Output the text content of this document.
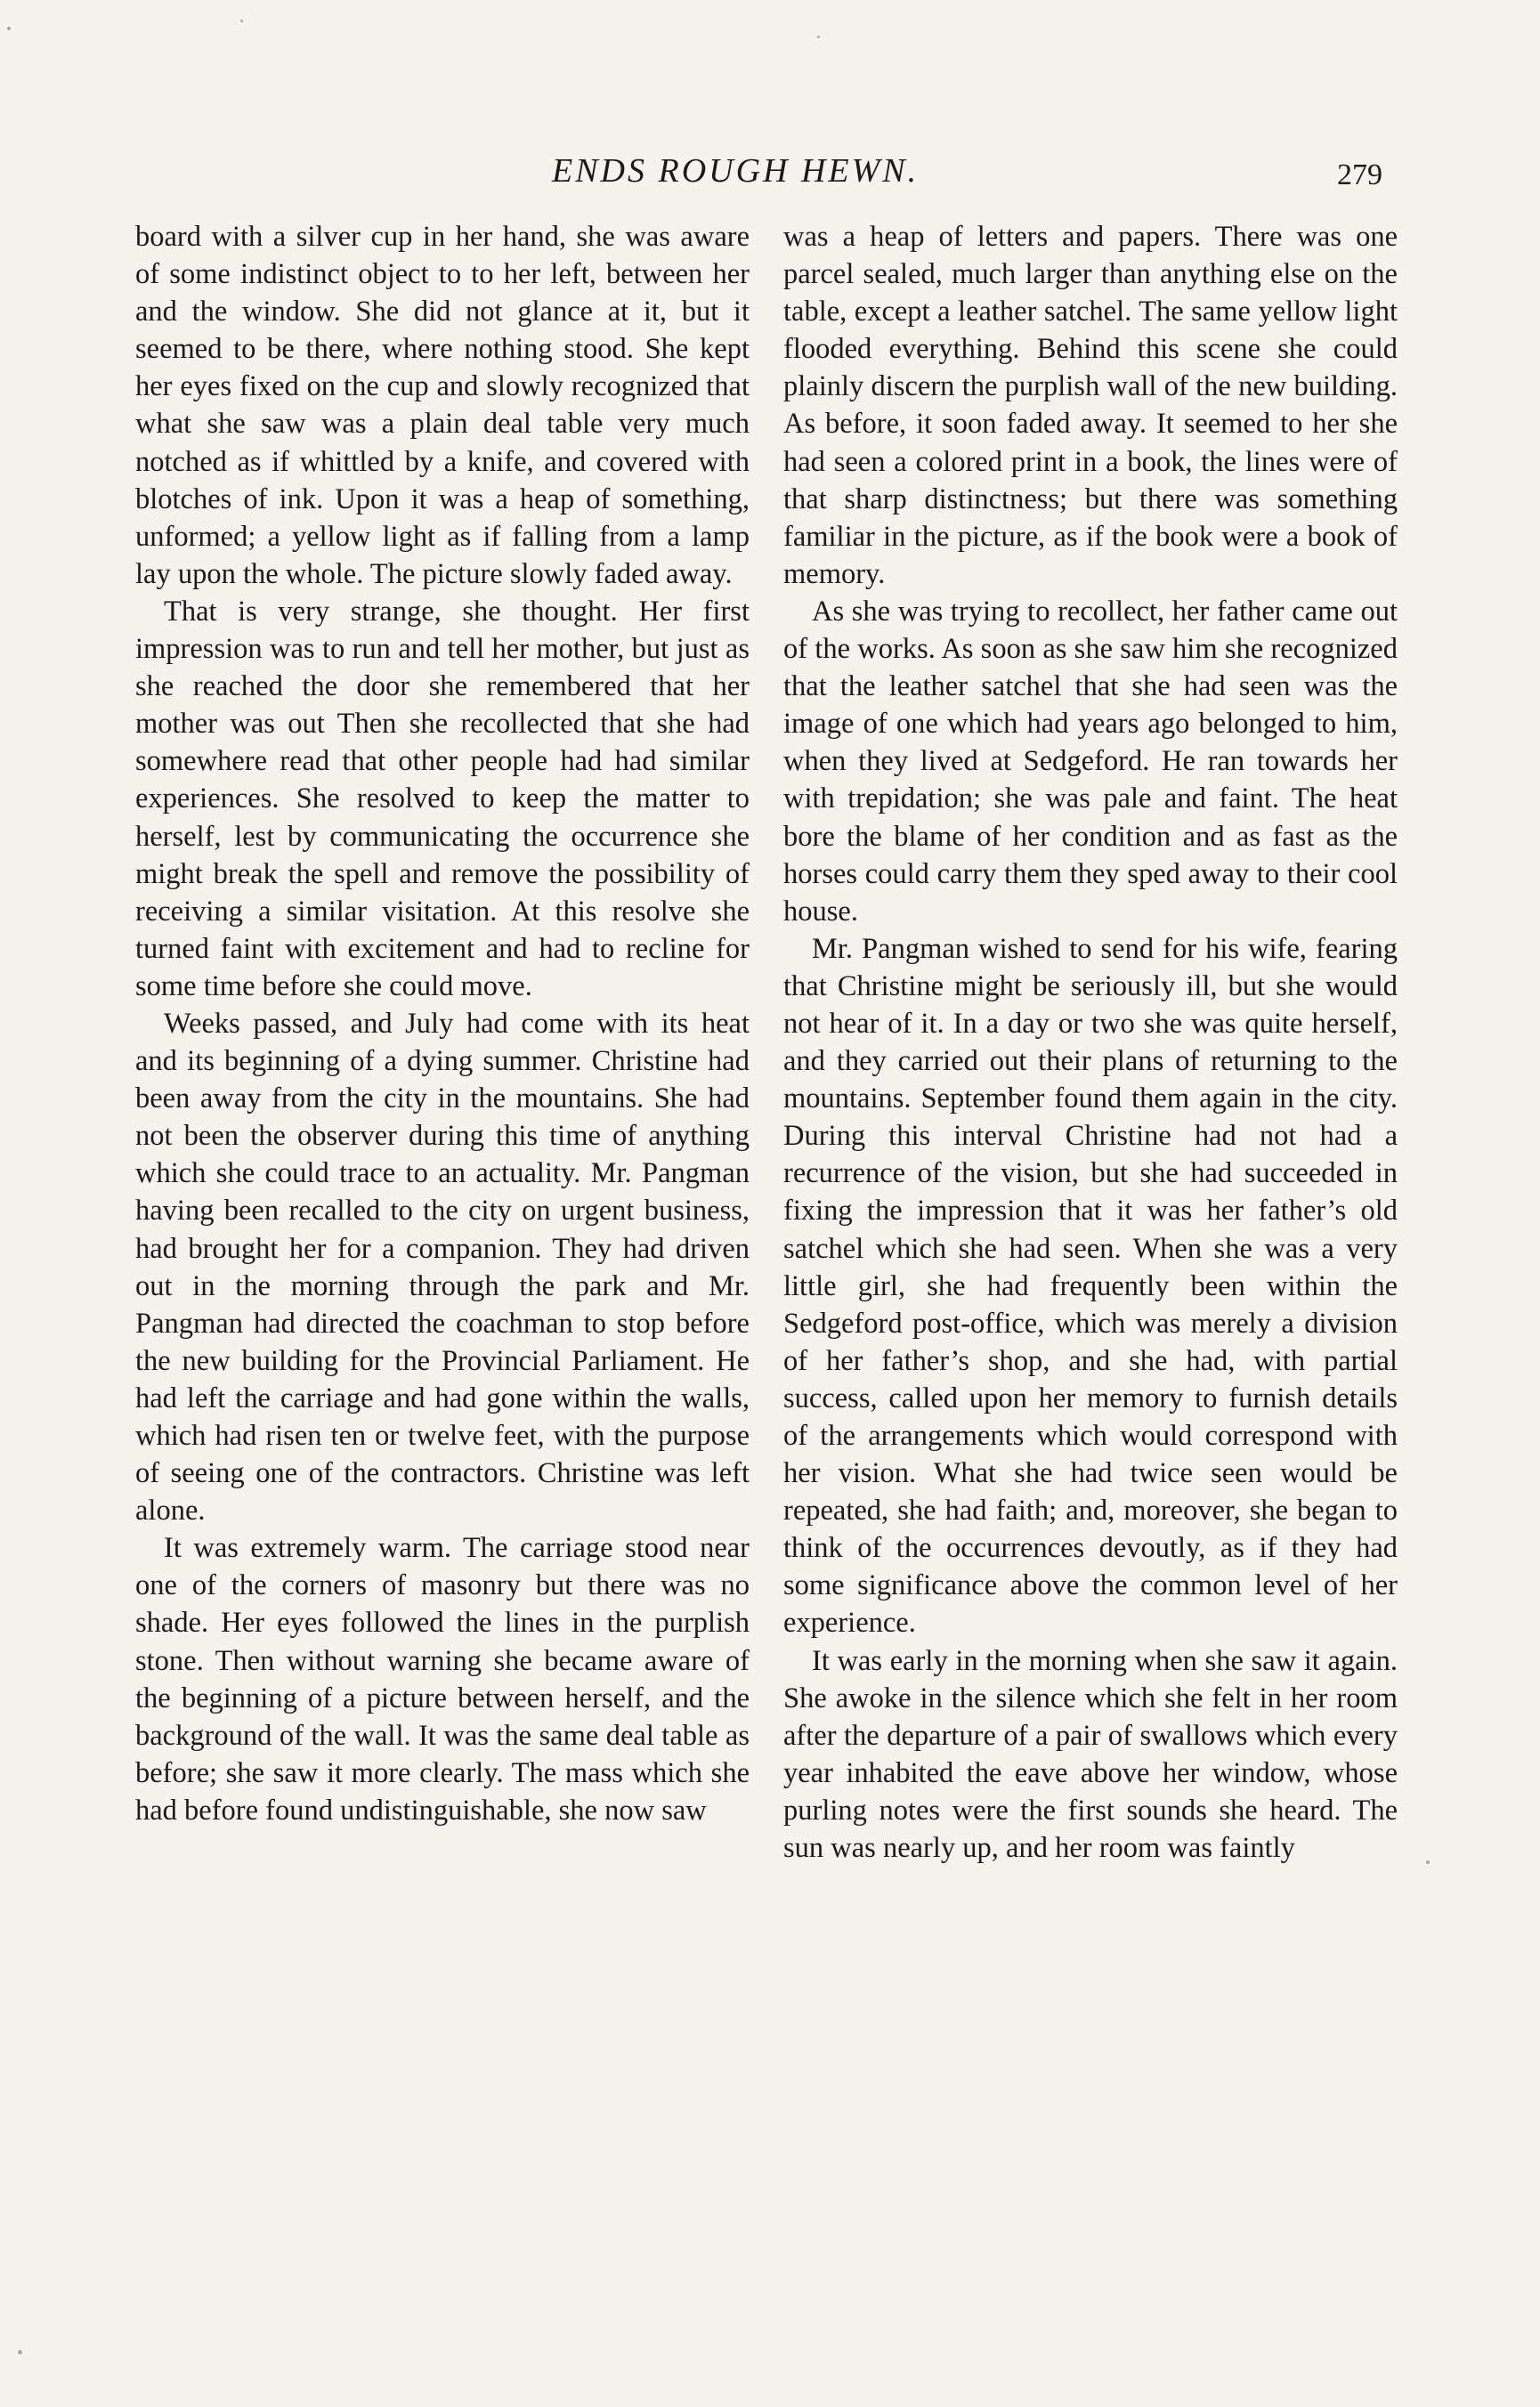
ENDS ROUGH HEWN.	279

board with a silver cup in her hand, she was aware of some indistinct object to to her left, between her and the window. She did not glance at it, but it seemed to be there, where nothing stood. She kept her eyes fixed on the cup and slowly recognized that what she saw was a plain deal table very much notched as if whittled by a knife, and covered with blotches of ink. Upon it was a heap of something, unformed; a yellow light as if falling from a lamp lay upon the whole. The picture slowly faded away.

That is very strange, she thought. Her first impression was to run and tell her mother, but just as she reached the door she remembered that her mother was out Then she recollected that she had somewhere read that other people had had similar experiences. She resolved to keep the matter to herself, lest by communicating the occurrence she might break the spell and remove the possibility of receiving a similar visitation. At this resolve she turned faint with excitement and had to recline for some time before she could move.

Weeks passed, and July had come with its heat and its beginning of a dying summer. Christine had been away from the city in the mountains. She had not been the observer during this time of anything which she could trace to an actuality. Mr. Pangman having been recalled to the city on urgent business, had brought her for a companion. They had driven out in the morning through the park and Mr. Pangman had directed the coachman to stop before the new building for the Provincial Parliament. He had left the carriage and had gone within the walls, which had risen ten or twelve feet, with the purpose of seeing one of the contractors. Christine was left alone.

It was extremely warm. The carriage stood near one of the corners of masonry but there was no shade. Her eyes followed the lines in the purplish stone. Then without warning she became aware of the beginning of a picture between herself, and the background of the wall. It was the same deal table as before; she saw it more clearly. The mass which she had before found undistinguishable, she now saw

was a heap of letters and papers. There was one parcel sealed, much larger than anything else on the table, except a leather satchel. The same yellow light flooded everything. Behind this scene she could plainly discern the purplish wall of the new building. As before, it soon faded away. It seemed to her she had seen a colored print in a book, the lines were of that sharp distinctness; but there was something familiar in the picture, as if the book were a book of memory.

As she was trying to recollect, her father came out of the works. As soon as she saw him she recognized that the leather satchel that she had seen was the image of one which had years ago belonged to him, when they lived at Sedgeford. He ran towards her with trepidation; she was pale and faint. The heat bore the blame of her condition and as fast as the horses could carry them they sped away to their cool house.

Mr. Pangman wished to send for his wife, fearing that Christine might be seriously ill, but she would not hear of it. In a day or two she was quite herself, and they carried out their plans of returning to the mountains. September found them again in the city. During this interval Christine had not had a recurrence of the vision, but she had succeeded in fixing the impression that it was her father’s old satchel which she had seen. When she was a very little girl, she had frequently been within the Sedgeford post-office, which was merely a division of her father’s shop, and she had, with partial success, called upon her memory to furnish details of the arrangements which would correspond with her vision. What she had twice seen would be repeated, she had faith; and, moreover, she began to think of the occurrences devoutly, as if they had some significance above the common level of her experience.

It was early in the morning when she saw it again. She awoke in the silence which she felt in her room after the departure of a pair of swallows which every year inhabited the eave above her window, whose purling notes were the first sounds she heard. The sun was nearly up, and her room was faintly
